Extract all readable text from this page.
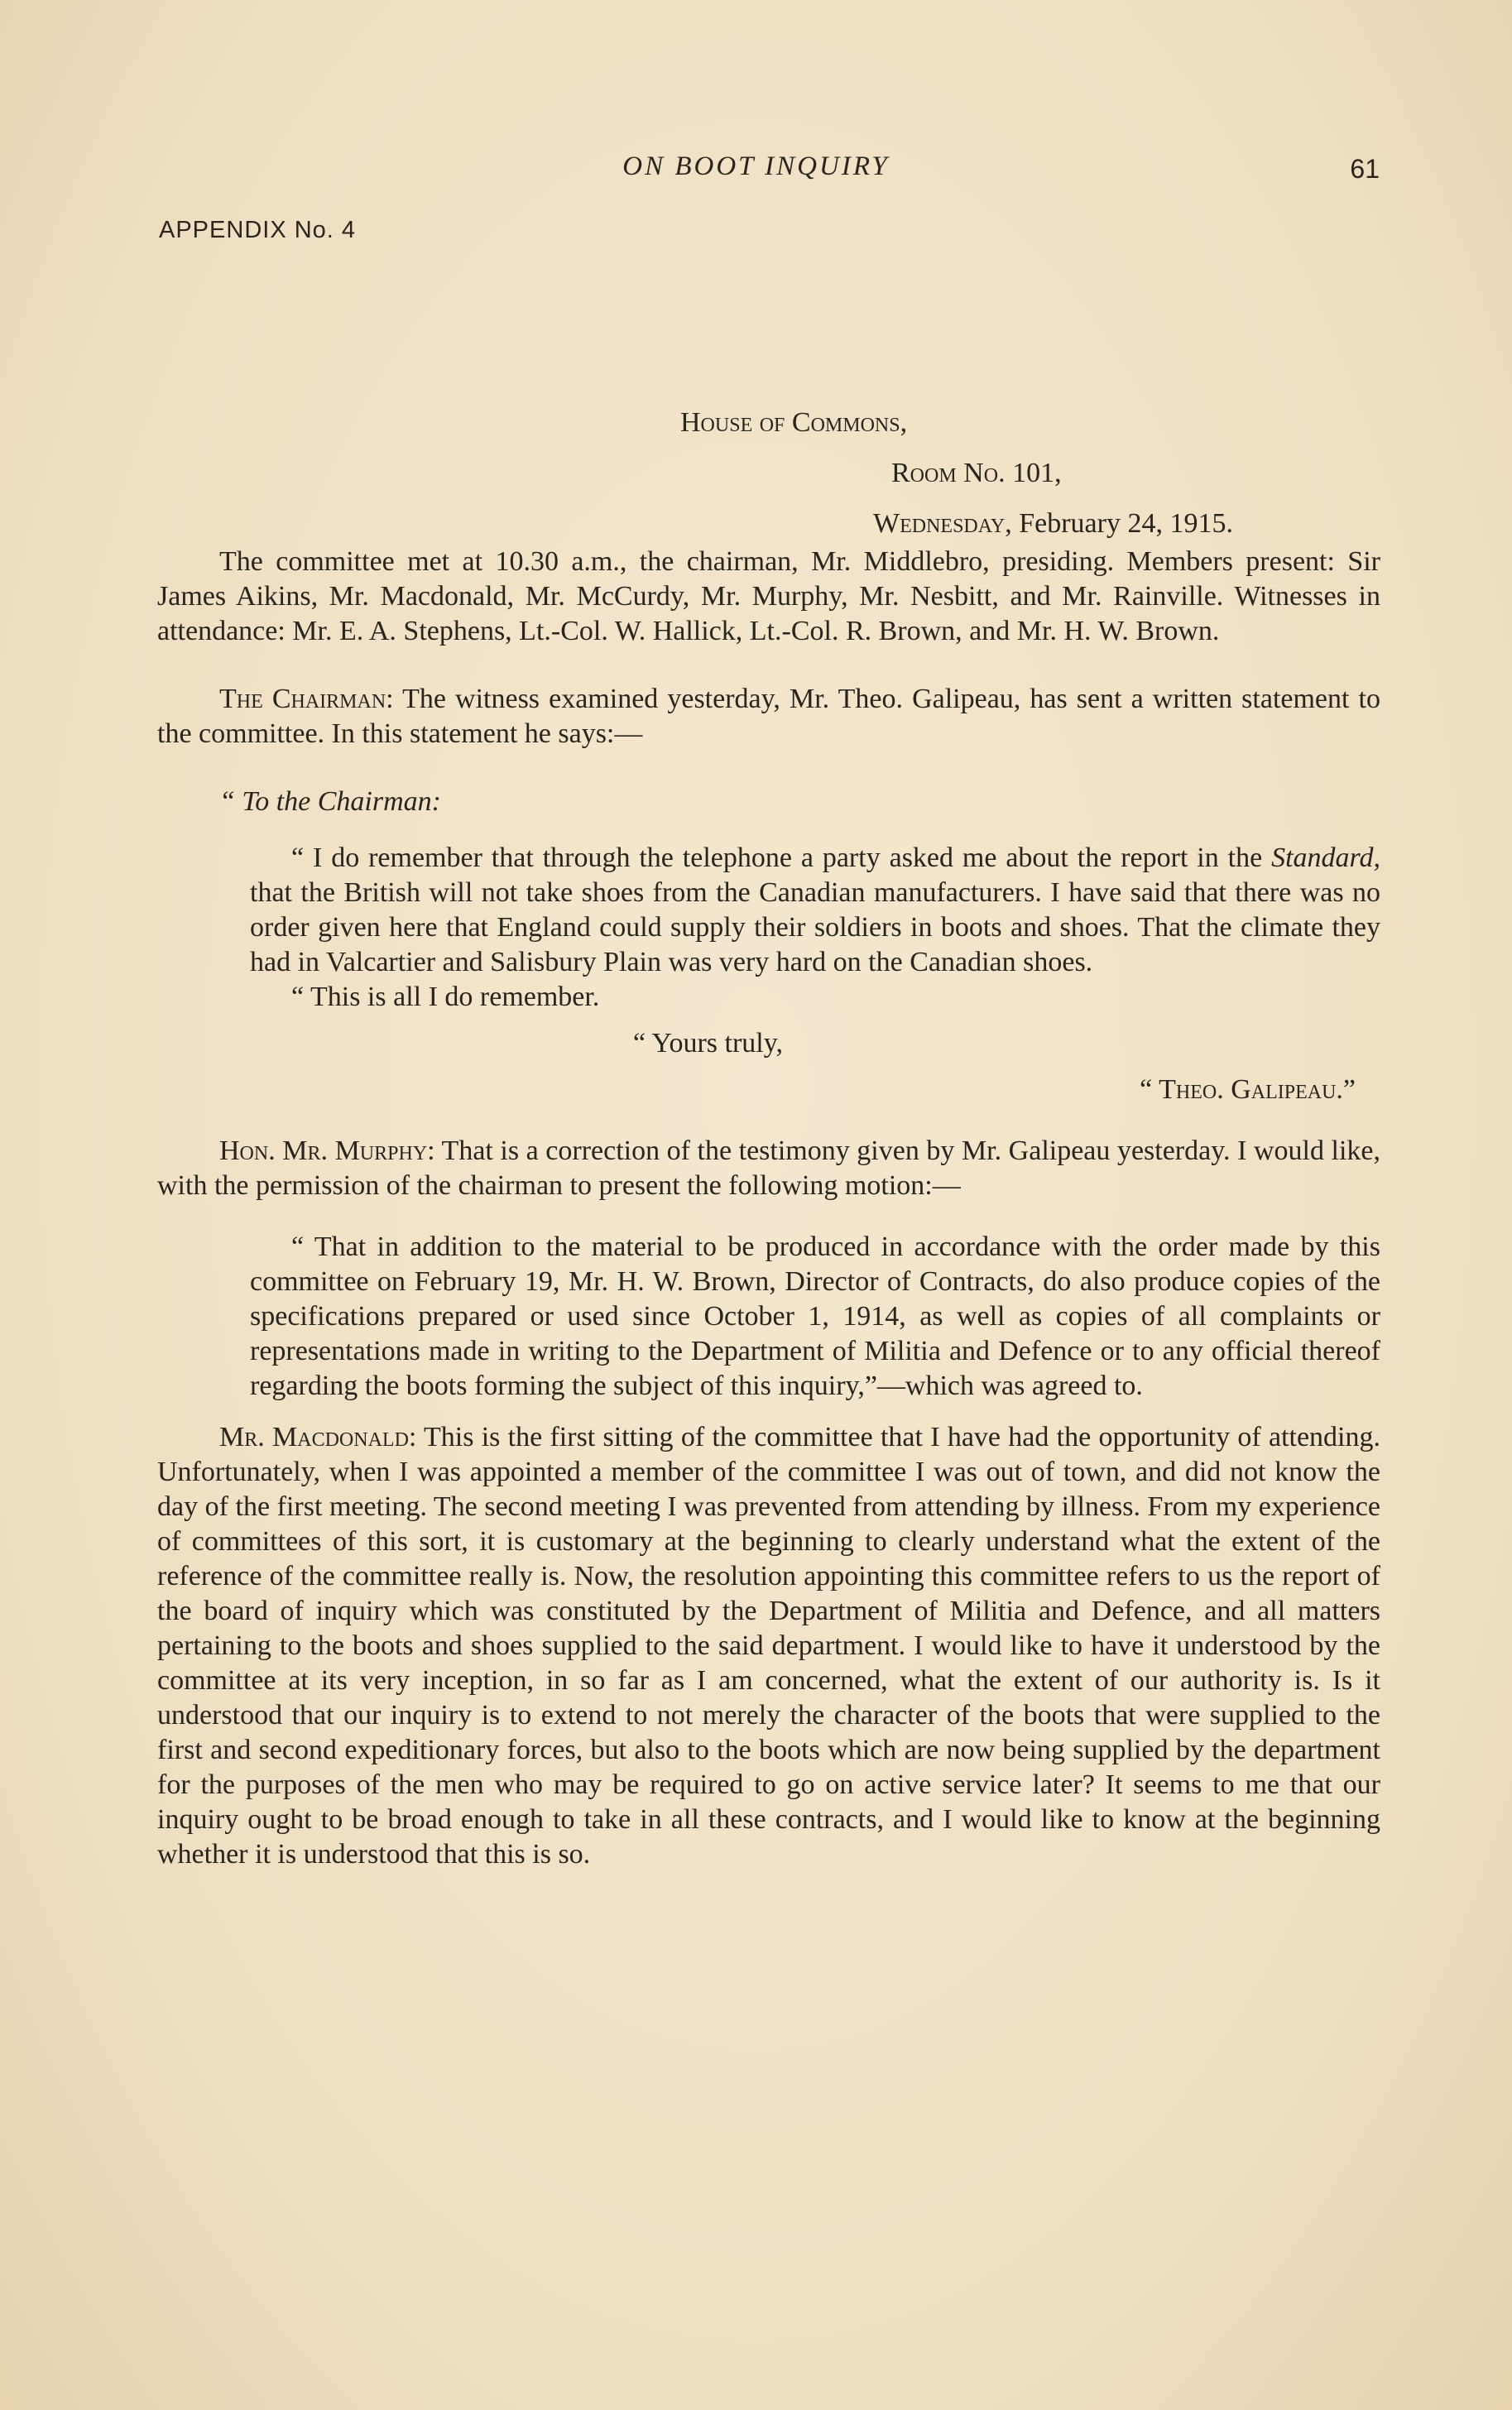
ON BOOT INQUIRY	61
APPENDIX No. 4
House of Commons,
Room No. 101,
Wednesday, February 24, 1915.

The committee met at 10.30 a.m., the chairman, Mr. Middlebro, presiding. Members present: Sir James Aikins, Mr. Macdonald, Mr. McCurdy, Mr. Murphy, Mr. Nesbitt, and Mr. Rainville. Witnesses in attendance: Mr. E. A. Stephens, Lt.-Col. W. Hallick, Lt.-Col. R. Brown, and Mr. H. W. Brown.

The Chairman: The witness examined yesterday, Mr. Theo. Galipeau, has sent a written statement to the committee. In this statement he says:—

“ To the Chairman:

“ I do remember that through the telephone a party asked me about the report in the Standard, that the British will not take shoes from the Canadian manufacturers. I have said that there was no order given here that England could supply their soldiers in boots and shoes. That the climate they had in Valcartier and Salisbury Plain was very hard on the Canadian shoes.

“ This is all I do remember.

“ Yours truly,

“ Theo. Galipeau.”

Hon. Mr. Murphy: That is a correction of the testimony given by Mr. Galipeau yesterday. I would like, with the permission of the chairman to present the following motion:—

“ That in addition to the material to be produced in accordance with the order made by this committee on February 19, Mr. H. W. Brown, Director of Contracts, do also produce copies of the specifications prepared or used since October 1, 1914, as well as copies of all complaints or representations made in writing to the Department of Militia and Defence or to any official thereof regarding the boots forming the subject of this inquiry,”—which was agreed to.

Mr. Macdonald: This is the first sitting of the committee that I have had the opportunity of attending. Unfortunately, when I was appointed a member of the committee I was out of town, and did not know the day of the first meeting. The second meeting I was prevented from attending by illness. From my experience of committees of this sort, it is customary at the beginning to clearly understand what the extent of the reference of the committee really is. Now, the resolution appointing this committee refers to us the report of the board of inquiry which was constituted by the Department of Militia and Defence, and all matters pertaining to the boots and shoes supplied to the said department. I would like to have it understood by the committee at its very inception, in so far as I am concerned, what the extent of our authority is. Is it understood that our inquiry is to extend to not merely the character of the boots that were supplied to the first and second expeditionary forces, but also to the boots which are now being supplied by the department for the purposes of the men who may be required to go on active service later? It seems to me that our inquiry ought to be broad enough to take in all these contracts, and I would like to know at the beginning whether it is understood that this is so.
